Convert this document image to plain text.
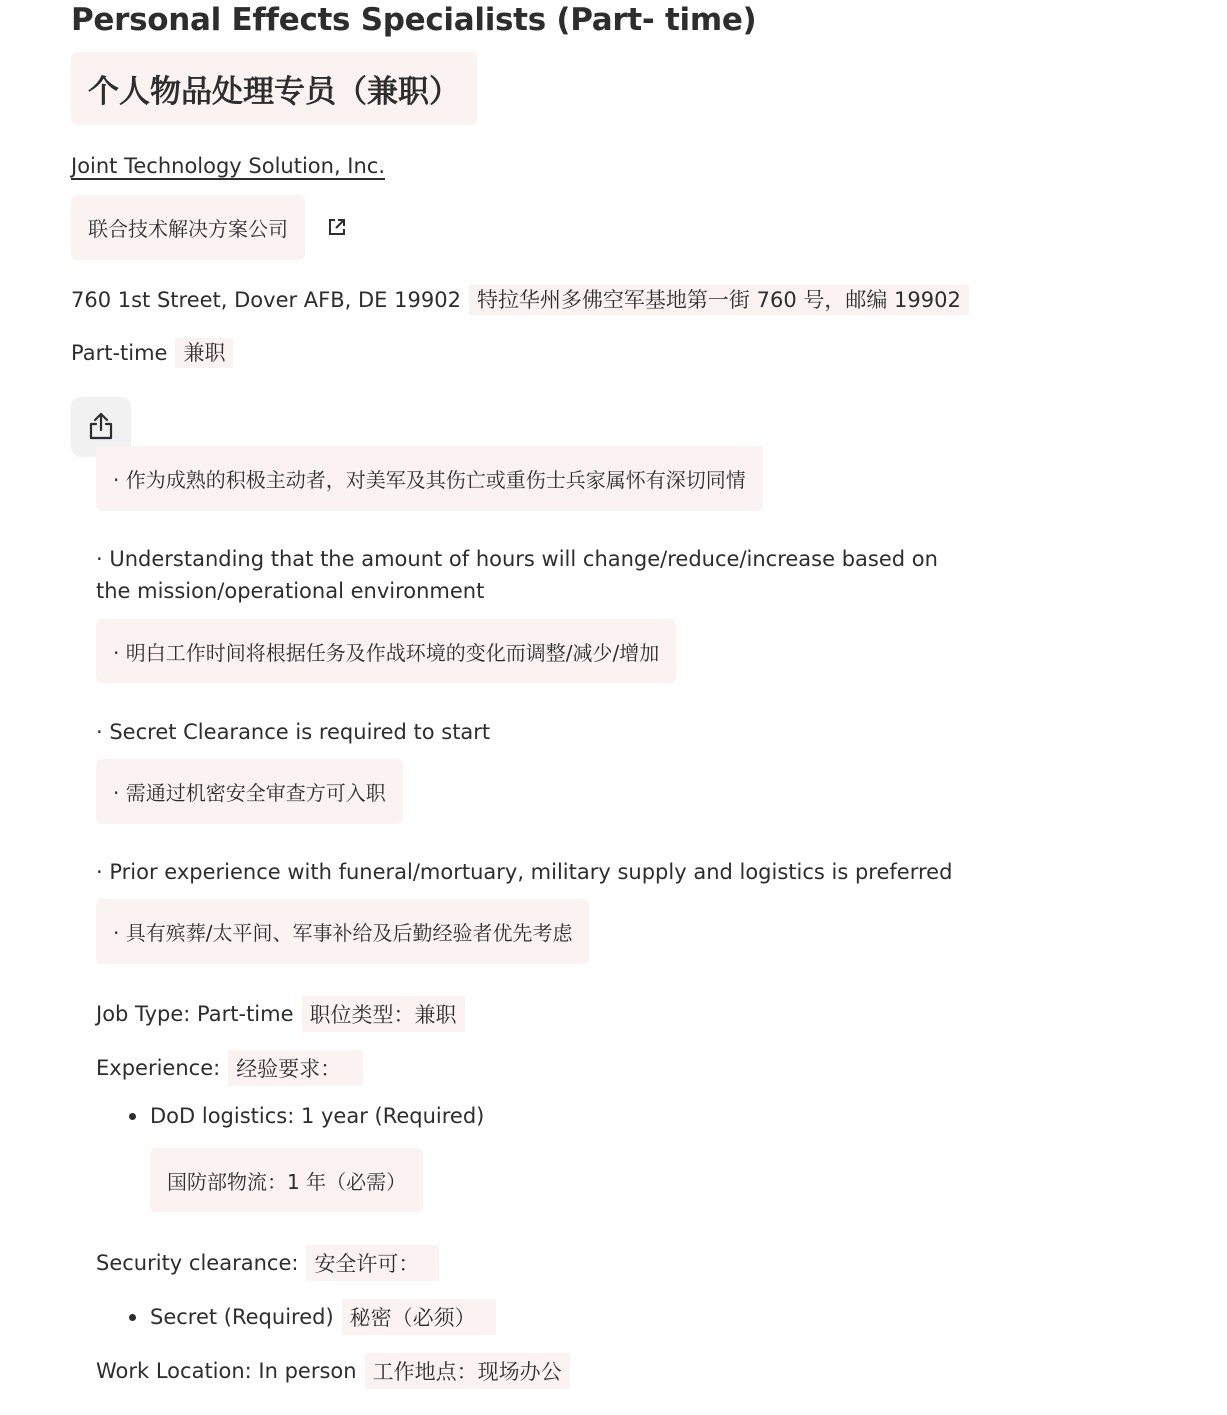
Personal Effects Specialists (Part- time)
个人物品处理专员（兼职）
Joint Technology Solution, Inc.
联合技术解决方案公司
760 1st Street, Dover AFB, DE 19902 特拉华州多佛空军基地第一街 760 号，邮编 19902
Part-time 兼职
· 作为成熟的积极主动者，对美军及其伤亡或重伤士兵家属怀有深切同情
· Understanding that the amount of hours will change/reduce/increase based on the mission/operational environment
· 明白工作时间将根据任务及作战环境的变化而调整/减少/增加
· Secret Clearance is required to start
· 需通过机密安全审查方可入职
· Prior experience with funeral/mortuary, military supply and logistics is preferred
· 具有殡葬/太平间、军事补给及后勤经验者优先考虑
Job Type: Part-time 职位类型：兼职
Experience: 经验要求：
DoD logistics: 1 year (Required)
国防部物流：1 年（必需）
Security clearance: 安全许可：
Secret (Required) 秘密（必须）
Work Location: In person 工作地点：现场办公
